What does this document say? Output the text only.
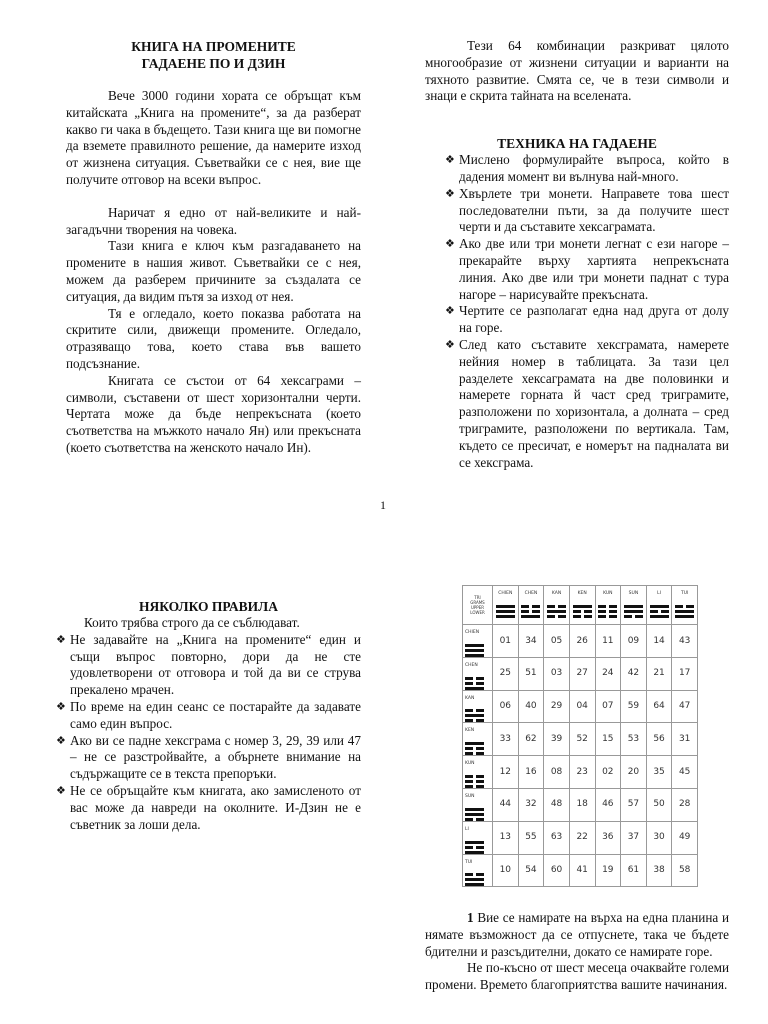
КНИГА НА ПРОМЕНИТЕ

ГАДАЕНЕ ПО И ДЗИН

Вече 3000 години хората се обръщат към китайската „Книга на промените“, за да разберат какво ги чака в бъдещето. Тази книга ще ви помогне да вземете правилното решение, да намерите изход от жизнена ситуация. Съветвайки се с нея, вие ще получите отговор на всеки въпрос.

Наричат я едно от най-великите и най-загадъчни творения на човека.

Тази книга е ключ към разгадаването на промените в нашия живот. Съветвайки се с нея, можем да разберем причините за създалата се ситуация, да видим пътя за изход от нея.

Тя е огледало, което показва работата на скритите сили, движещи промените. Огледало, отразяващо това, което става във вашето подсъзнание.

Книгата се състои от 64 хексаграми – символи, съставени от шест хоризонтални черти. Чертата може да бъде непрекъсната (което съответства на мъжкото начало Ян) или прекъсната (което съответства на женското начало Ин).

Тези 64 комбинации разкриват цялото многообразие от жизнени ситуации и варианти на тяхното развитие. Смята се, че в тези символи и знаци е скрита тайната на вселената.

ТЕХНИКА НА ГАДАЕНЕ

❖ Мислено формулирайте въпроса, който в дадения момент ви вълнува най-много.
❖ Хвърлете три монети. Направете това шест последователни пъти, за да получите шест черти и да съставите хексаграмата.
❖ Ако две или три монети легнат с ези нагоре – прекарайте върху хартията непрекъсната линия. Ако две или три монети паднат с тура нагоре – нарисувайте прекъсната.
❖ Чертите се разполагат една над друга от долу на горе.
❖ След като съставите хексграмата, намерете нейния номер в таблицата. За тази цел разделете хексаграмата на две половинки и намерете горната й част сред триграмите, разположени по хоризонтала, а долната – сред триграмите, разположени по вертикала. Там, където се пресичат, е номерът на падналата ви се хексграма.
1

НЯКОЛКО ПРАВИЛА

Които трябва строго да се съблюдават.

❖ Не задавайте на „Книга на промените“ един и същи въпрос повторно, дори да не сте удовлетворени от отговора и той да ви се струва прекалено мрачен.
❖ По време на един сеанс се постарайте да задавате само един въпрос.
❖ Ако ви се падне хексграма с номер 3, 29, 39 или 47 – не се разстройвайте, а обърнете внимание на съдържащите се в текста препоръки.
❖ Не се обръщайте към книгата, ако замисленото от вас може да навреди на околните. И-Дзин не е съветник за лоши дела.
TRI
GRAMS
UPPER
LOWER	CHIEN	CHEN	KAN	KEN	KUN	SUN	LI	TUI

CHIEN	01	34	05	26	11	09	14	43

CHEN	25	51	03	27	24	42	21	17

KAN	06	40	29	04	07	59	64	47

KEN	33	62	39	52	15	53	56	31

KUN	12	16	08	23	02	20	35	45

SUN	44	32	48	18	46	57	50	28

LI	13	55	63	22	36	37	30	49

TUI	10	54	60	41	19	61	38	58

1 Вие се намирате на върха на една планина и нямате възможност да се отпуснете, така че бъдете бдителни и разсъдителни, докато се намирате горе.

Не по-късно от шест месеца очаквайте големи промени. Времето благоприятства вашите начинания.
